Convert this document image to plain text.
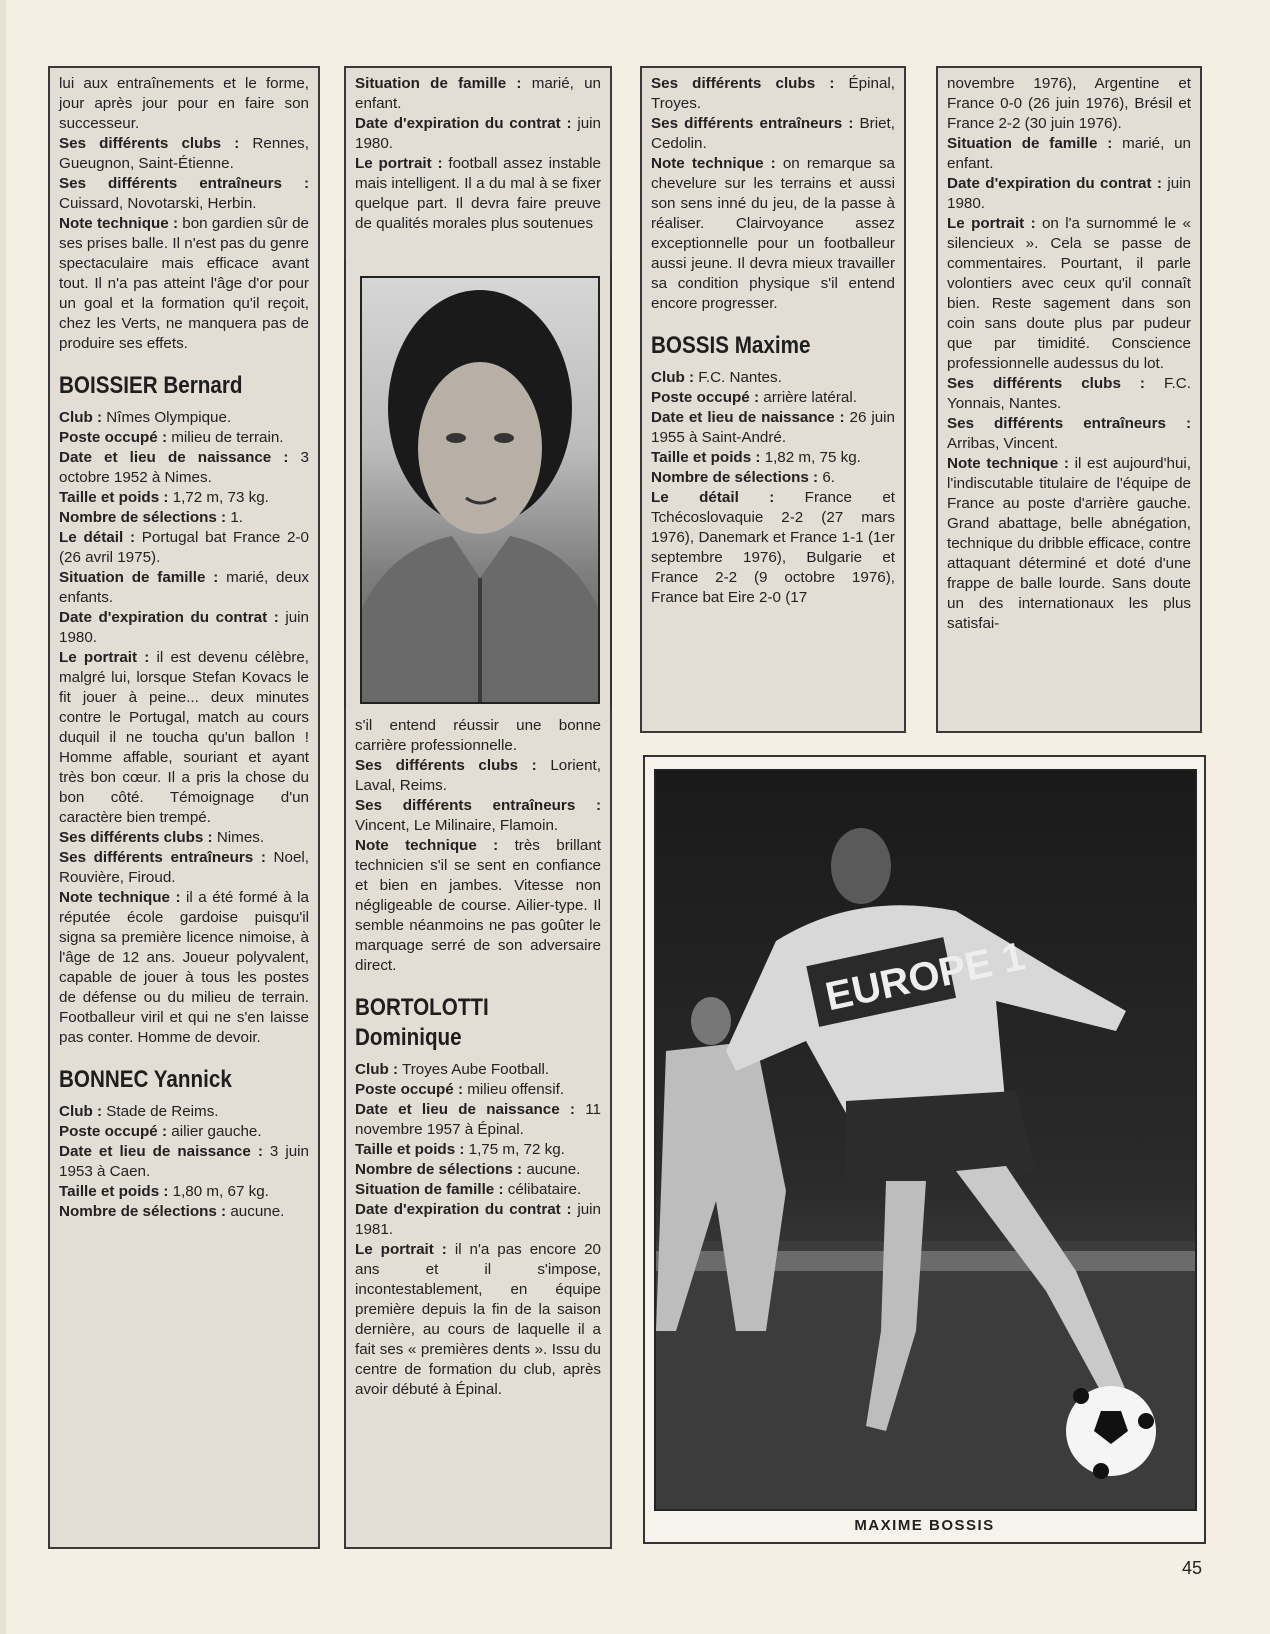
lui aux entraînements et le forme, jour après jour pour en faire son successeur.

Ses différents clubs : Rennes, Gueugnon, Saint-Étienne.

Ses différents entraîneurs : Cuissard, Novotarski, Herbin.

Note technique : bon gardien sûr de ses prises balle. Il n'est pas du genre spectaculaire mais efficace avant tout. Il n'a pas atteint l'âge d'or pour un goal et la formation qu'il reçoit, chez les Verts, ne manquera pas de produire ses effets.

BOISSIER Bernard

Club : Nîmes Olympique.

Poste occupé : milieu de terrain.

Date et lieu de naissance : 3 octobre 1952 à Nimes.

Taille et poids : 1,72 m, 73 kg.

Nombre de sélections : 1.

Le détail : Portugal bat France 2-0 (26 avril 1975).

Situation de famille : marié, deux enfants.

Date d'expiration du contrat : juin 1980.

Le portrait : il est devenu célèbre, malgré lui, lorsque Stefan Kovacs le fit jouer à peine... deux minutes contre le Portugal, match au cours duquil il ne toucha qu'un ballon ! Homme affable, souriant et ayant très bon cœur. Il a pris la chose du bon côté. Témoignage d'un caractère bien trempé.

Ses différents clubs : Nimes.

Ses différents entraîneurs : Noel, Rouvière, Firoud.

Note technique : il a été formé à la réputée école gardoise puisqu'il signa sa première licence nimoise, à l'âge de 12 ans. Joueur polyvalent, capable de jouer à tous les postes de défense ou du milieu de terrain. Footballeur viril et qui ne s'en laisse pas conter. Homme de devoir.

BONNEC Yannick

Club : Stade de Reims.

Poste occupé : ailier gauche.

Date et lieu de naissance : 3 juin 1953 à Caen.

Taille et poids : 1,80 m, 67 kg.

Nombre de sélections : aucune.

Situation de famille : marié, un enfant.

Date d'expiration du contrat : juin 1980.

Le portrait : football assez instable mais intelligent. Il a du mal à se fixer quelque part. Il devra faire preuve de qualités morales plus soutenues

s'il entend réussir une bonne carrière professionnelle.

Ses différents clubs : Lorient, Laval, Reims.

Ses différents entraîneurs : Vincent, Le Milinaire, Flamoin.

Note technique : très brillant technicien s'il se sent en confiance et bien en jambes. Vitesse non négligeable de course. Ailier-type. Il semble néanmoins ne pas goûter le marquage serré de son adversaire direct.

BORTOLOTTI
Dominique

Club : Troyes Aube Football.

Poste occupé : milieu offensif.

Date et lieu de naissance : 11 novembre 1957 à Épinal.

Taille et poids : 1,75 m, 72 kg.

Nombre de sélections : aucune.

Situation de famille : célibataire.

Date d'expiration du contrat : juin 1981.

Le portrait : il n'a pas encore 20 ans et il s'impose, incontestablement, en équipe première depuis la fin de la saison dernière, au cours de laquelle il a fait ses « premières dents ». Issu du centre de formation du club, après avoir débuté à Épinal.

Ses différents clubs : Épinal, Troyes.

Ses différents entraîneurs : Briet, Cedolin.

Note technique : on remarque sa chevelure sur les terrains et aussi son sens inné du jeu, de la passe à réaliser. Clairvoyance assez exceptionnelle pour un footballeur aussi jeune. Il devra mieux travailler sa condition physique s'il entend encore progresser.

BOSSIS Maxime

Club : F.C. Nantes.

Poste occupé : arrière latéral.

Date et lieu de naissance : 26 juin 1955 à Saint-André.

Taille et poids : 1,82 m, 75 kg.

Nombre de sélections : 6.

Le détail : France et Tchécoslovaquie 2-2 (27 mars 1976), Danemark et France 1-1 (1er septembre 1976), Bulgarie et France 2-2 (9 octobre 1976), France bat Eire 2-0 (17

novembre 1976), Argentine et France 0-0 (26 juin 1976), Brésil et France 2-2 (30 juin 1976).

Situation de famille : marié, un enfant.

Date d'expiration du contrat : juin 1980.

Le portrait : on l'a surnommé le « silencieux ». Cela se passe de commentaires. Pourtant, il parle volontiers avec ceux qu'il connaît bien. Reste sagement dans son coin sans doute plus par pudeur que par timidité. Conscience professionnelle audessus du lot.

Ses différents clubs : F.C. Yonnais, Nantes.

Ses différents entraîneurs : Arribas, Vincent.

Note technique : il est aujourd'hui, l'indiscutable titulaire de l'équipe de France au poste d'arrière gauche. Grand abattage, belle abnégation, technique du dribble efficace, contre attaquant déterminé et doté d'une frappe de balle lourde. Sans doute un des internationaux les plus satisfai-

EUROPE 1
MAXIME BOSSIS
45
